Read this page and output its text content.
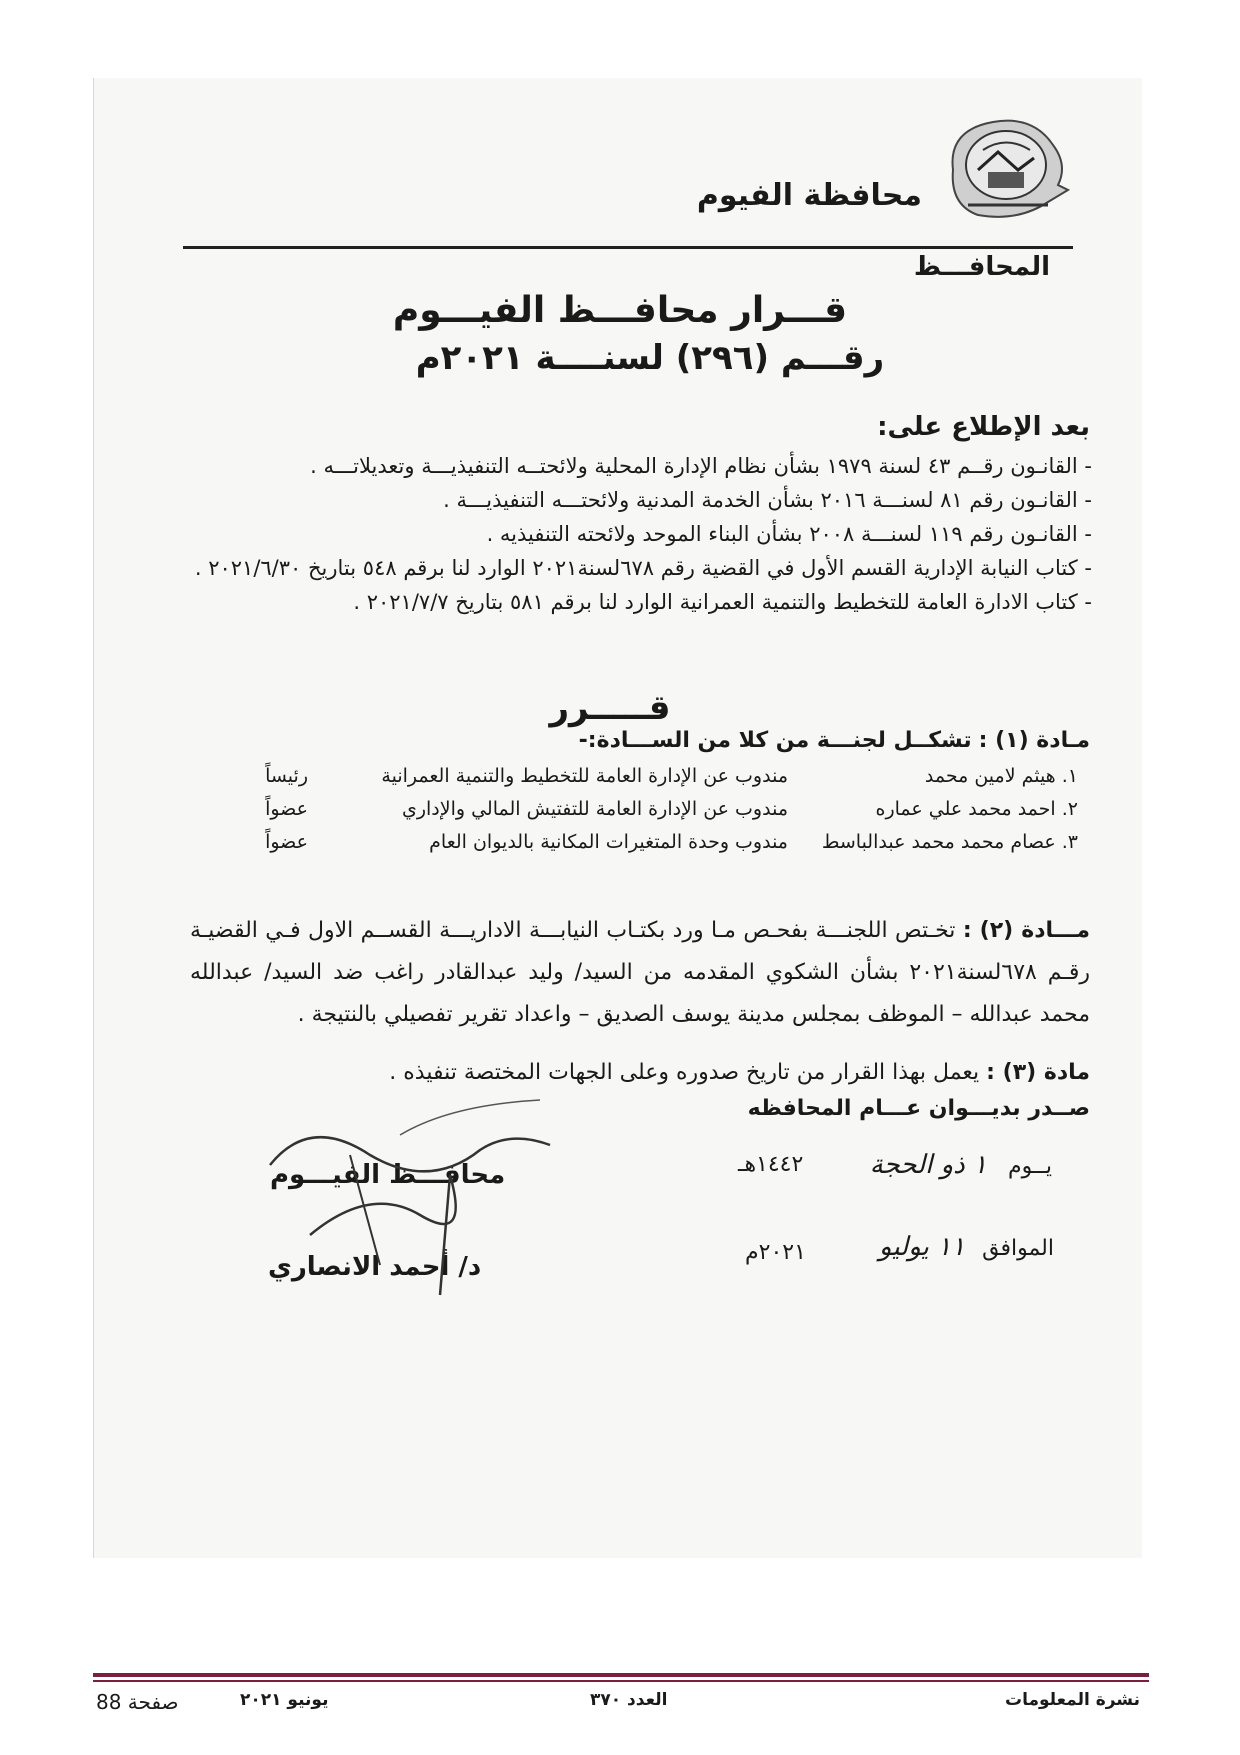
محافظة الفيوم
المحافـــظ
قـــرار محافـــظ الفيـــوم
رقـــم (٢٩٦) لسنــــة ٢٠٢١م
بعد الإطلاع على:
- القانـون رقــم ٤٣ لسنة ١٩٧٩ بشأن نظام الإدارة المحلية ولائحتــه التنفيذيـــة وتعديلاتـــه .
- القانـون رقم ٨١ لسنـــة ٢٠١٦ بشأن الخدمة المدنية ولائحتـــه التنفيذيـــة .
- القانـون رقم ١١٩ لسنـــة ٢٠٠٨ بشأن البناء الموحد ولائحته التنفيذيه .
- كتاب النيابة الإدارية القسم الأول في القضية رقم ٦٧٨لسنة٢٠٢١ الوارد لنا برقم ٥٤٨ بتاريخ ٢٠٢١/٦/٣٠ .
- كتاب الادارة العامة للتخطيط والتنمية العمرانية الوارد لنا برقم ٥٨١ بتاريخ ٢٠٢١/٧/٧ .
قـــــرر
مـادة (١) : تشكــل لجنـــة من كلا من الســـادة:-
١. هيثم لامين محمد	مندوب عن الإدارة العامة للتخطيط والتنمية العمرانية	رئيساً
٢. احمد محمد علي عماره	مندوب عن الإدارة العامة للتفتيش المالي والإداري	عضواً
٣. عصام محمد محمد عبدالباسط	مندوب وحدة المتغيرات المكانية بالديوان العام	عضواً
مـــادة (٢) : تخـتص اللجنـــة بفحـص مـا ورد بكتـاب النيابـــة الاداريـــة القســم الاول فـي القضيـة رقـم ٦٧٨لسنة٢٠٢١ بشأن الشكوي المقدمه من السيد/ وليد عبدالقادر راغب ضد السيد/ عبدالله محمد عبدالله – الموظف بمجلس مدينة يوسف الصديق – واعداد تقرير تفصيلي بالنتيجة .
مادة (٣) : يعمل بهذا القرار من تاريخ صدوره وعلى الجهات المختصة تنفيذه .
صــدر بديـــوان عـــام المحافظه
محافـــظ الفيـــوم
د/ أحمد الانصاري
يــوم ١ ذو الحجة
١٤٤٢هـ
الموافق ١١ يوليو
٢٠٢١م
نشرة المعلومات
العدد ٣٧٠
يونيو ٢٠٢١
صفحة 88
